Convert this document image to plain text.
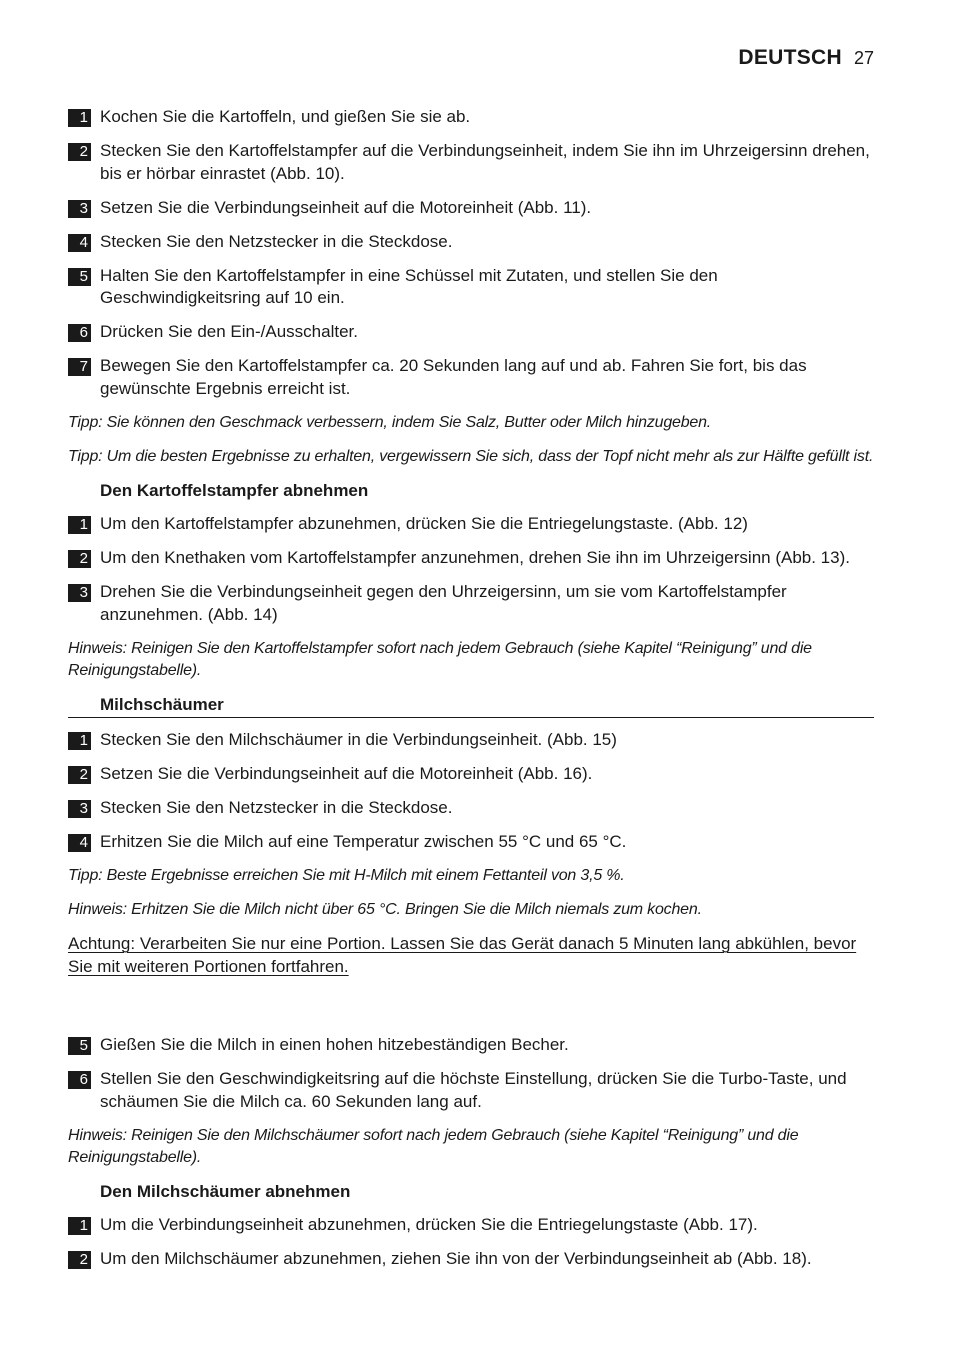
DEUTSCH 27
1 Kochen Sie die Kartoffeln, und gießen Sie sie ab.
2 Stecken Sie den Kartoffelstampfer auf die Verbindungseinheit, indem Sie ihn im Uhrzeigersinn drehen, bis er hörbar einrastet (Abb. 10).
3 Setzen Sie die Verbindungseinheit auf die Motoreinheit (Abb. 11).
4 Stecken Sie den Netzstecker in die Steckdose.
5 Halten Sie den Kartoffelstampfer in eine Schüssel mit Zutaten, und stellen Sie den Geschwindigkeitsring auf 10 ein.
6 Drücken Sie den Ein-/Ausschalter.
7 Bewegen Sie den Kartoffelstampfer ca. 20 Sekunden lang auf und ab. Fahren Sie fort, bis das gewünschte Ergebnis erreicht ist.
Tipp: Sie können den Geschmack verbessern, indem Sie Salz, Butter oder Milch hinzugeben.
Tipp: Um die besten Ergebnisse zu erhalten, vergewissern Sie sich, dass der Topf nicht mehr als zur Hälfte gefüllt ist.
Den Kartoffelstampfer abnehmen
1 Um den Kartoffelstampfer abzunehmen, drücken Sie die Entriegelungstaste. (Abb. 12)
2 Um den Knethaken vom Kartoffelstampfer anzunehmen, drehen Sie ihn im Uhrzeigersinn (Abb. 13).
3 Drehen Sie die Verbindungseinheit gegen den Uhrzeigersinn, um sie vom Kartoffelstampfer anzunehmen. (Abb. 14)
Hinweis: Reinigen Sie den Kartoffelstampfer sofort nach jedem Gebrauch (siehe Kapitel “Reinigung” und die Reinigungstabelle).
Milchschäumer
1 Stecken Sie den Milchschäumer in die Verbindungseinheit. (Abb. 15)
2 Setzen Sie die Verbindungseinheit auf die Motoreinheit (Abb. 16).
3 Stecken Sie den Netzstecker in die Steckdose.
4 Erhitzen Sie die Milch auf eine Temperatur zwischen 55 °C und 65 °C.
Tipp: Beste Ergebnisse erreichen Sie mit H-Milch mit einem Fettanteil von 3,5 %.
Hinweis: Erhitzen Sie die Milch nicht über 65 °C. Bringen Sie die Milch niemals zum kochen.
Achtung: Verarbeiten Sie nur eine Portion. Lassen Sie das Gerät danach 5 Minuten lang abkühlen, bevor Sie mit weiteren Portionen fortfahren.
5 Gießen Sie die Milch in einen hohen hitzebeständigen Becher.
6 Stellen Sie den Geschwindigkeitsring auf die höchste Einstellung, drücken Sie die Turbo-Taste, und schäumen Sie die Milch ca. 60 Sekunden lang auf.
Hinweis: Reinigen Sie den Milchschäumer sofort nach jedem Gebrauch (siehe Kapitel “Reinigung” und die Reinigungstabelle).
Den Milchschäumer abnehmen
1 Um die Verbindungseinheit abzunehmen, drücken Sie die Entriegelungstaste (Abb. 17).
2 Um den Milchschäumer abzunehmen, ziehen Sie ihn von der Verbindungseinheit ab (Abb. 18).
